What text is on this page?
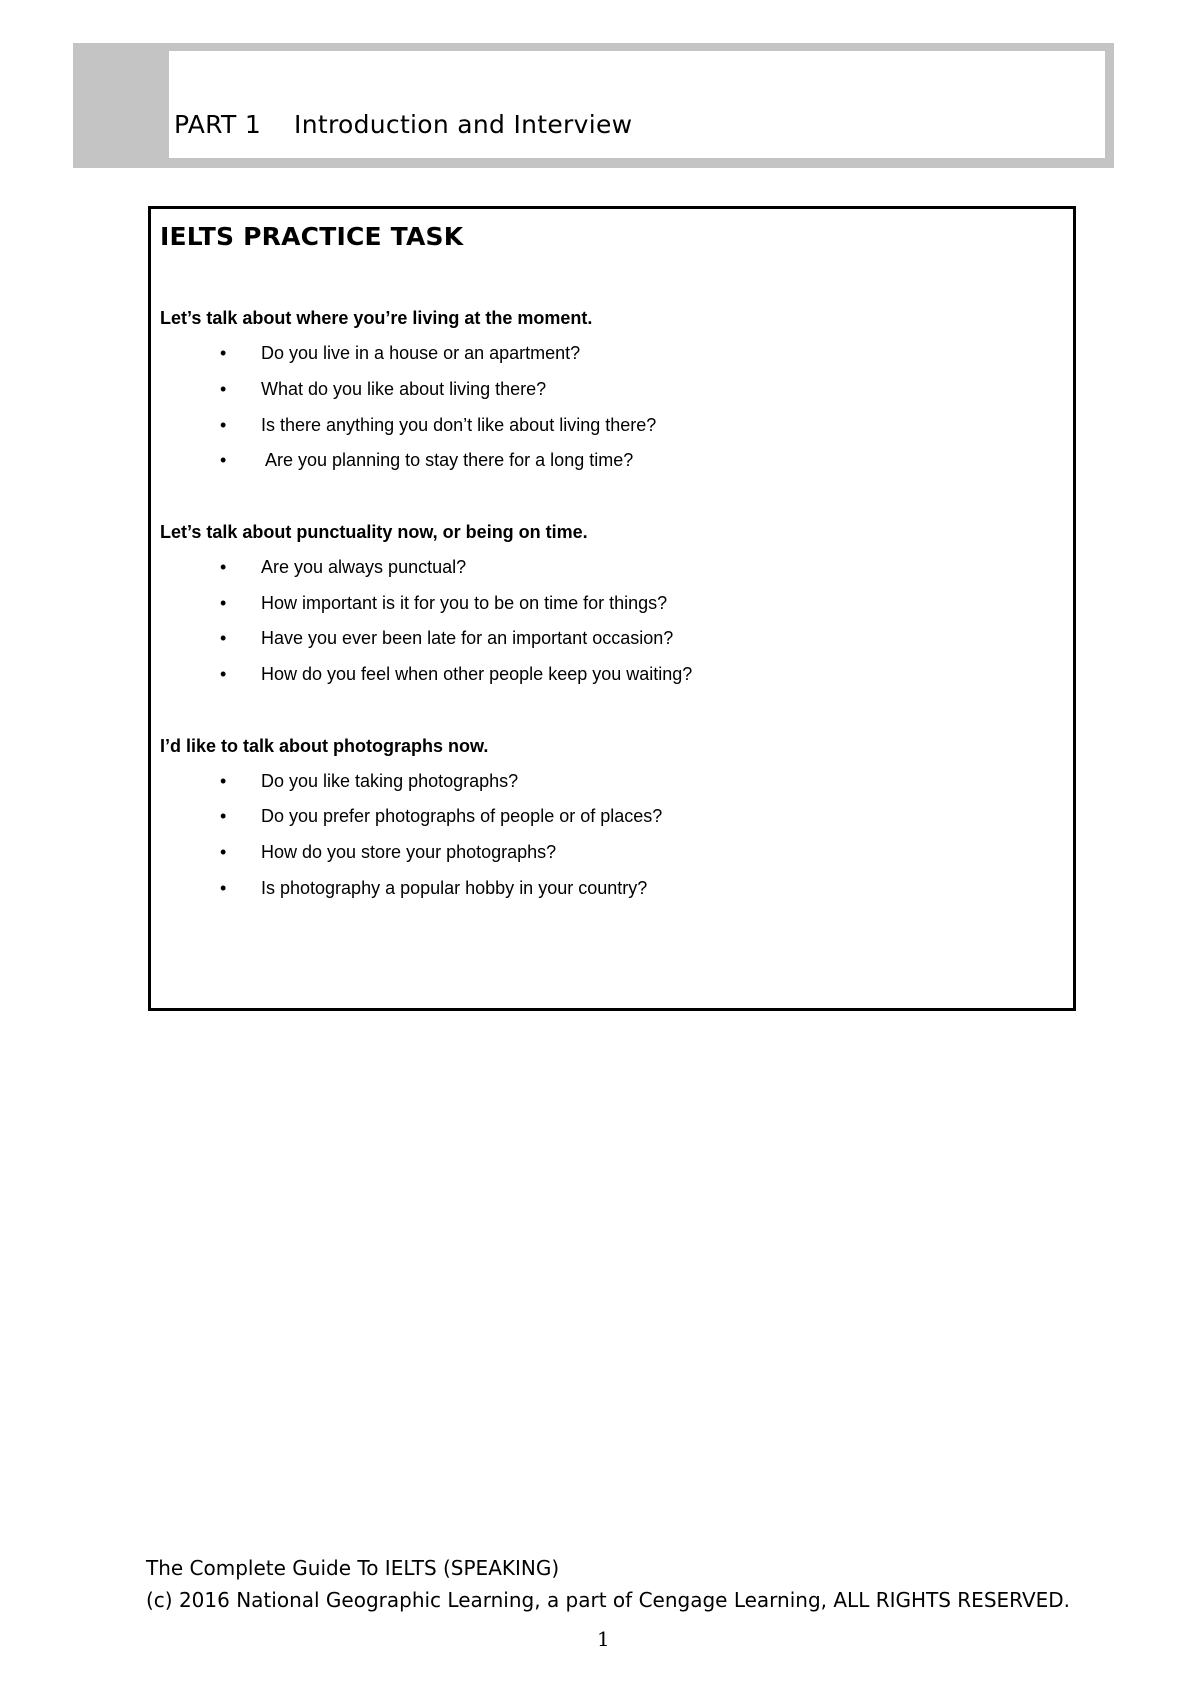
PART 1    Introduction and Interview
IELTS PRACTICE TASK
Let’s talk about where you’re living at the moment.
• Do you live in a house or an apartment?
• What do you like about living there?
• Is there anything you don’t like about living there?
• Are you planning to stay there for a long time?
Let’s talk about punctuality now, or being on time.
• Are you always punctual?
• How important is it for you to be on time for things?
• Have you ever been late for an important occasion?
• How do you feel when other people keep you waiting?
I’d like to talk about photographs now.
• Do you like taking photographs?
• Do you prefer photographs of people or of places?
• How do you store your photographs?
• Is photography a popular hobby in your country?
The Complete Guide To IELTS (SPEAKING)
(c) 2016 National Geographic Learning, a part of Cengage Learning, ALL RIGHTS RESERVED.
1
